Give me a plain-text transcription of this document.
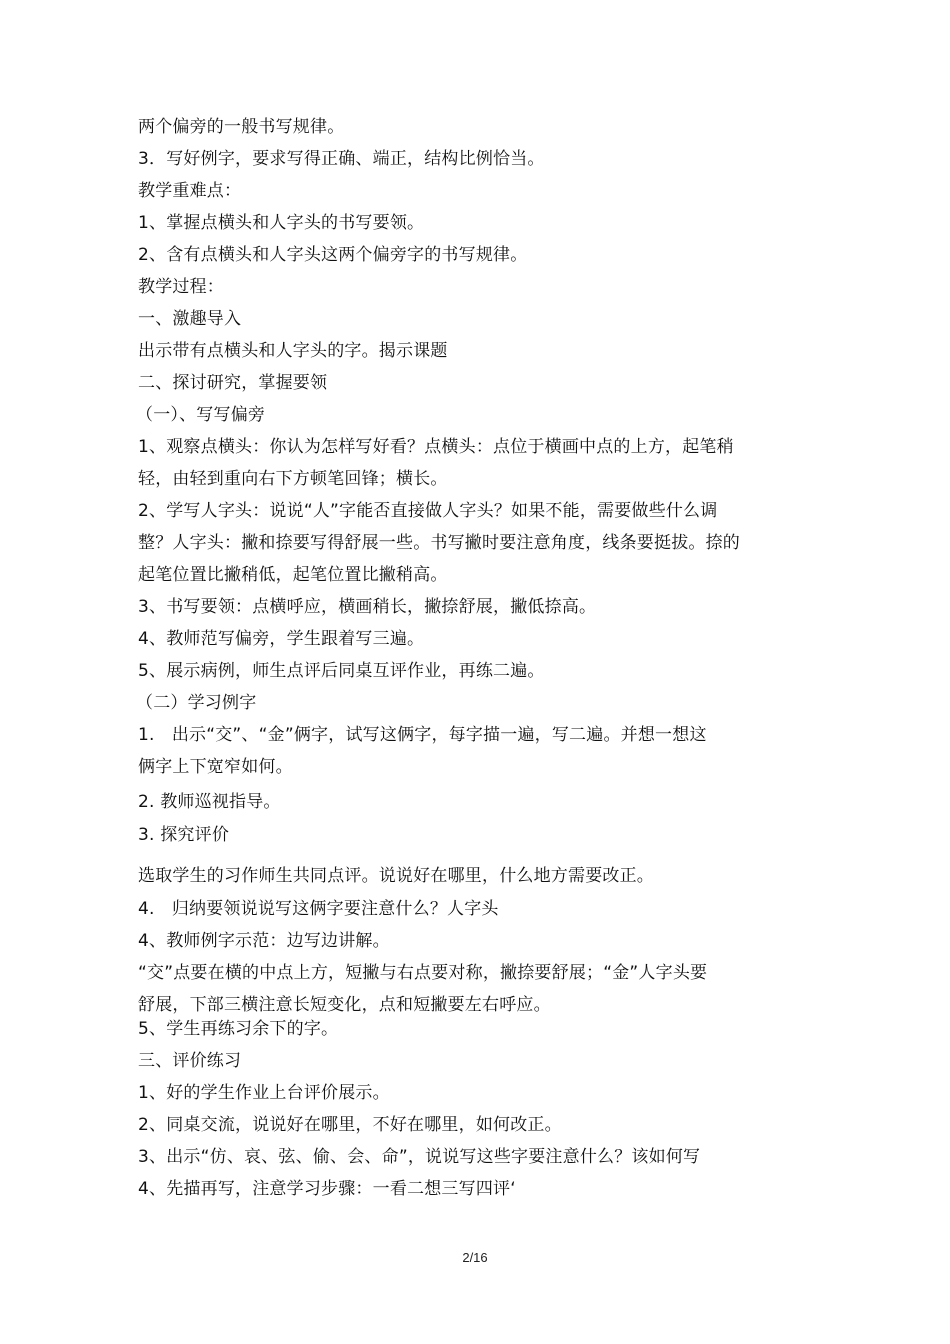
两个偏旁的一般书写规律。
3．写好例字，要求写得正确、端正，结构比例恰当。
教学重难点：
1、掌握点横头和人字头的书写要领。
2、含有点横头和人字头这两个偏旁字的书写规律。
教学过程：
一、激趣导入
出示带有点横头和人字头的字。揭示课题
二、探讨研究，掌握要领
（一）、写写偏旁
1、观察点横头：你认为怎样写好看？点横头：点位于横画中点的上方，起笔稍
轻，由轻到重向右下方顿笔回锋；横长。
2、学写人字头：说说“人”字能否直接做人字头？如果不能，需要做些什么调
整？人字头：撇和捺要写得舒展一些。书写撇时要注意角度，线条要挺拔。捺的
起笔位置比撇稍低，起笔位置比撇稍高。
3、书写要领：点横呼应，横画稍长，撇捺舒展，撇低捺高。
4、教师范写偏旁，学生跟着写三遍。
5、展示病例，师生点评后同桌互评作业，再练二遍。
（二）学习例字
1.　出示“交”、“金”俩字，试写这俩字，每字描一遍，写二遍。并想一想这
俩字上下宽窄如何。
2. 教师巡视指导。
3. 探究评价
选取学生的习作师生共同点评。说说好在哪里，什么地方需要改正。
4.　归纳要领说说写这俩字要注意什么？人字头
4、教师例字示范：边写边讲解。
“交”点要在横的中点上方，短撇与右点要对称，撇捺要舒展；“金”人字头要
舒展，下部三横注意长短变化，点和短撇要左右呼应。
5、学生再练习余下的字。
三、评价练习
1、好的学生作业上台评价展示。
2、同桌交流，说说好在哪里，不好在哪里，如何改正。
3、出示“仿、哀、弦、偷、会、命”，说说写这些字要注意什么？该如何写
4、先描再写，注意学习步骤：一看二想三写四评‘
2/16
